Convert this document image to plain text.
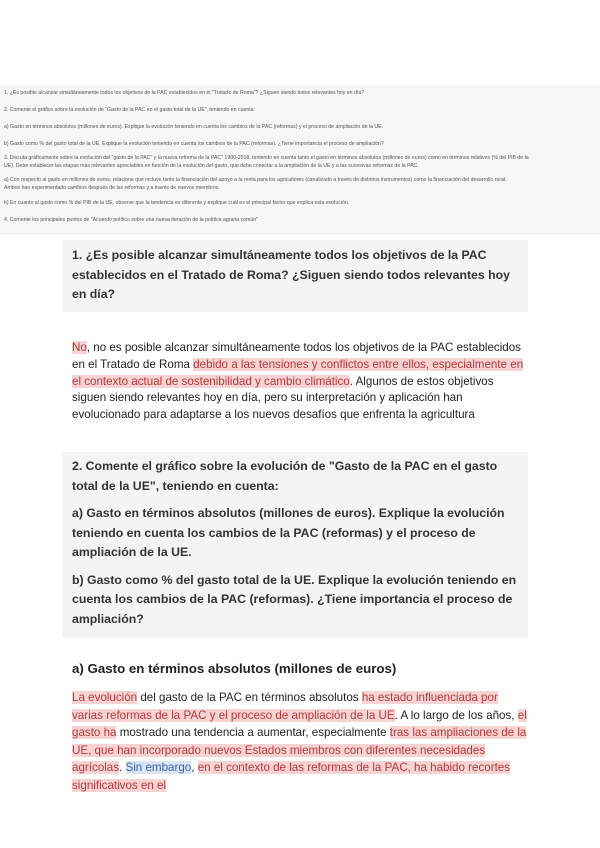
1. ¿Es posible alcanzar simultáneamente todos los objetivos de la PAC establecidos en el "Tratado de Roma"? ¿Siguen siendo todos relevantes hoy en día?
2. Comente el gráfico sobre la evolución de "Gasto de la PAC en el gasto total de la UE", teniendo en cuenta:
a) Gasto en términos absolutos (millones de euros). Explique la evolución teniendo en cuenta los cambios de la PAC (reformas) y el proceso de ampliación de la UE.
b) Gasto como % del gasto total de la UE. Explique la evolución teniendo en cuenta los cambios de la PAC (reformas). ¿Tiene importancia el proceso de ampliación?
3. Discuta gráficamente sobre la evolución del "gasto de la PAC" y la nueva reforma de la PAC" 1980-2018, teniendo en cuenta tanto el gasto en términos absolutos (millones de euros) como en términos relativos (% del PIB de la
UE). Debe establecer las etapas más relevantes apreciables en función de la evolución del gasto, que debe conectar a la ampliación de la UE y a las sucesivas reformas de la PAC.
a) Con respecto al gasto en millones de euros, relacione qué incluye tanto la financiación del apoyo a la renta para los agricultores (canalizado a través de distintos instrumentos) como la financiación del desarrollo rural.
Ambos han experimentado cambios después de las reformas y a través de nuevos miembros.
b) En cuanto al gasto como % del PIB de la UE, observe que la tendencia es diferente y explique cuál es el principal factor que explica esta evolución.
4. Comente los principales puntos de "Acuerdo político sobre una nueva iteración de la política agraria común"

1. ¿Es posible alcanzar simultáneamente todos los objetivos de la PAC establecidos en el Tratado de Roma? ¿Siguen siendo todos relevantes hoy en día?

No, no es posible alcanzar simultáneamente todos los objetivos de la PAC establecidos en el Tratado de Roma debido a las tensiones y conflictos entre ellos, especialmente en el contexto actual de sostenibilidad y cambio climático. Algunos de estos objetivos siguen siendo relevantes hoy en día, pero su interpretación y aplicación han evolucionado para adaptarse a los nuevos desafíos que enfrenta la agricultura

2. Comente el gráfico sobre la evolución de "Gasto de la PAC en el gasto total de la UE", teniendo en cuenta:

a) Gasto en términos absolutos (millones de euros). Explique la evolución teniendo en cuenta los cambios de la PAC (reformas) y el proceso de ampliación de la UE.

b) Gasto como % del gasto total de la UE. Explique la evolución teniendo en cuenta los cambios de la PAC (reformas). ¿Tiene importancia el proceso de ampliación?

a) Gasto en términos absolutos (millones de euros)

La evolución del gasto de la PAC en términos absolutos ha estado influenciada por varias reformas de la PAC y el proceso de ampliación de la UE. A lo largo de los años, el gasto ha mostrado una tendencia a aumentar, especialmente tras las ampliaciones de la UE, que han incorporado nuevos Estados miembros con diferentes necesidades agrícolas. Sin embargo, en el contexto de las reformas de la PAC, ha habido recortes significativos en el
